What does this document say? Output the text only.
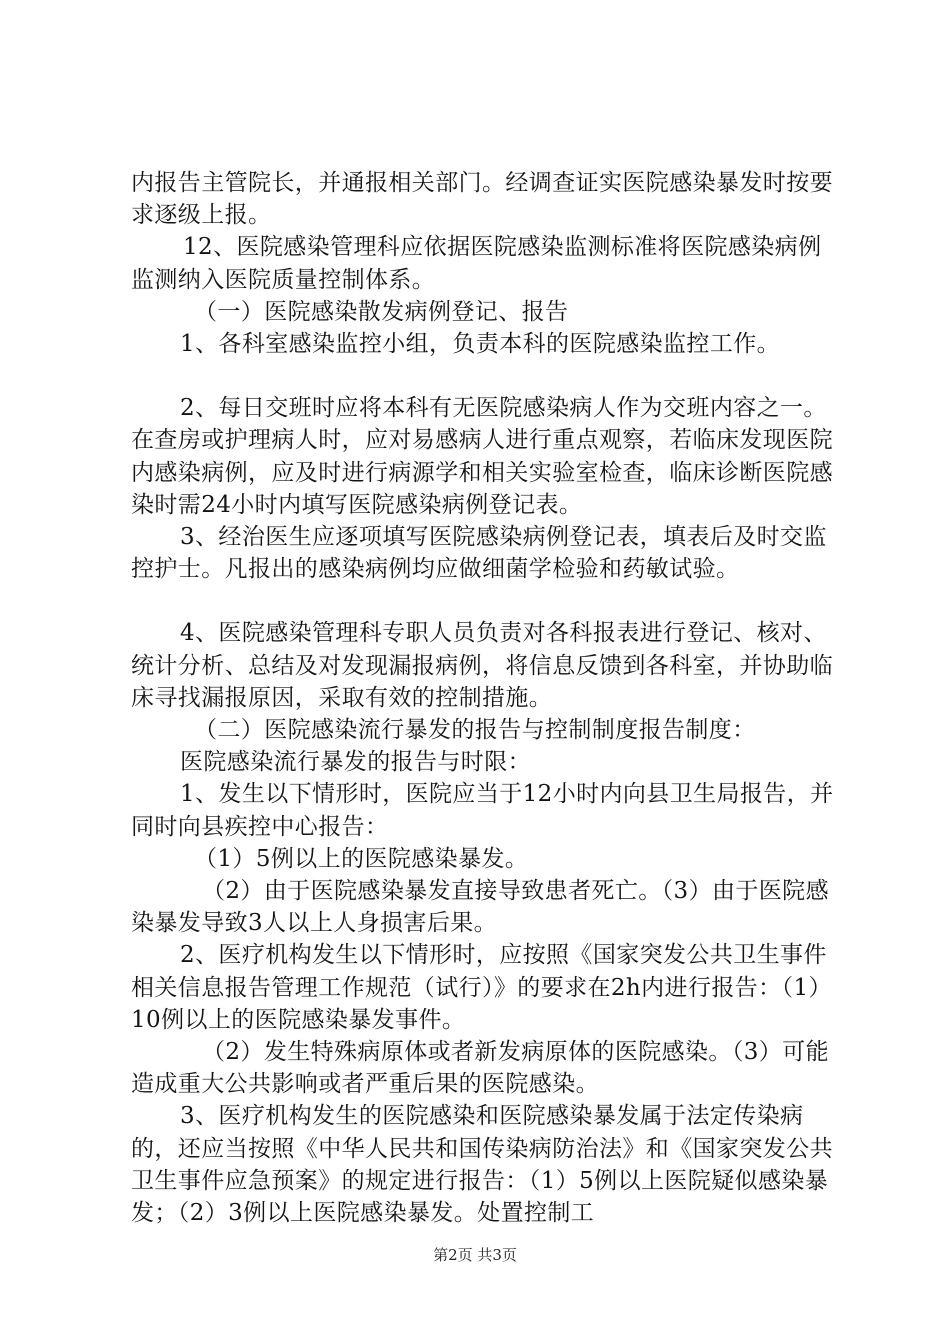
内报告主管院长，并通报相关部门。经调查证实医院感染暴发时按要求逐级上报。

12、医院感染管理科应依据医院感染监测标准将医院感染病例监测纳入医院质量控制体系。

（一）医院感染散发病例登记、报告

1、各科室感染监控小组，负责本科的医院感染监控工作。

2、每日交班时应将本科有无医院感染病人作为交班内容之一。在查房或护理病人时，应对易感病人进行重点观察，若临床发现医院内感染病例，应及时进行病源学和相关实验室检查，临床诊断医院感染时需24小时内填写医院感染病例登记表。

3、经治医生应逐项填写医院感染病例登记表，填表后及时交监控护士。凡报出的感染病例均应做细菌学检验和药敏试验。

4、医院感染管理科专职人员负责对各科报表进行登记、核对、统计分析、总结及对发现漏报病例，将信息反馈到各科室，并协助临床寻找漏报原因，采取有效的控制措施。

（二）医院感染流行暴发的报告与控制制度报告制度：

医院感染流行暴发的报告与时限：

1、发生以下情形时，医院应当于12小时内向县卫生局报告，并同时向县疾控中心报告：

（1）5例以上的医院感染暴发。

（2）由于医院感染暴发直接导致患者死亡。（3）由于医院感染暴发导致3人以上人身损害后果。

2、医疗机构发生以下情形时，应按照《国家突发公共卫生事件相关信息报告管理工作规范（试行）》的要求在2h内进行报告：（1）10例以上的医院感染暴发事件。

（2）发生特殊病原体或者新发病原体的医院感染。（3）可能造成重大公共影响或者严重后果的医院感染。

3、医疗机构发生的医院感染和医院感染暴发属于法定传染病的，还应当按照《中华人民共和国传染病防治法》和《国家突发公共卫生事件应急预案》的规定进行报告：（1）5例以上医院疑似感染暴发；（2）3例以上医院感染暴发。处置控制工

第2页 共3页
